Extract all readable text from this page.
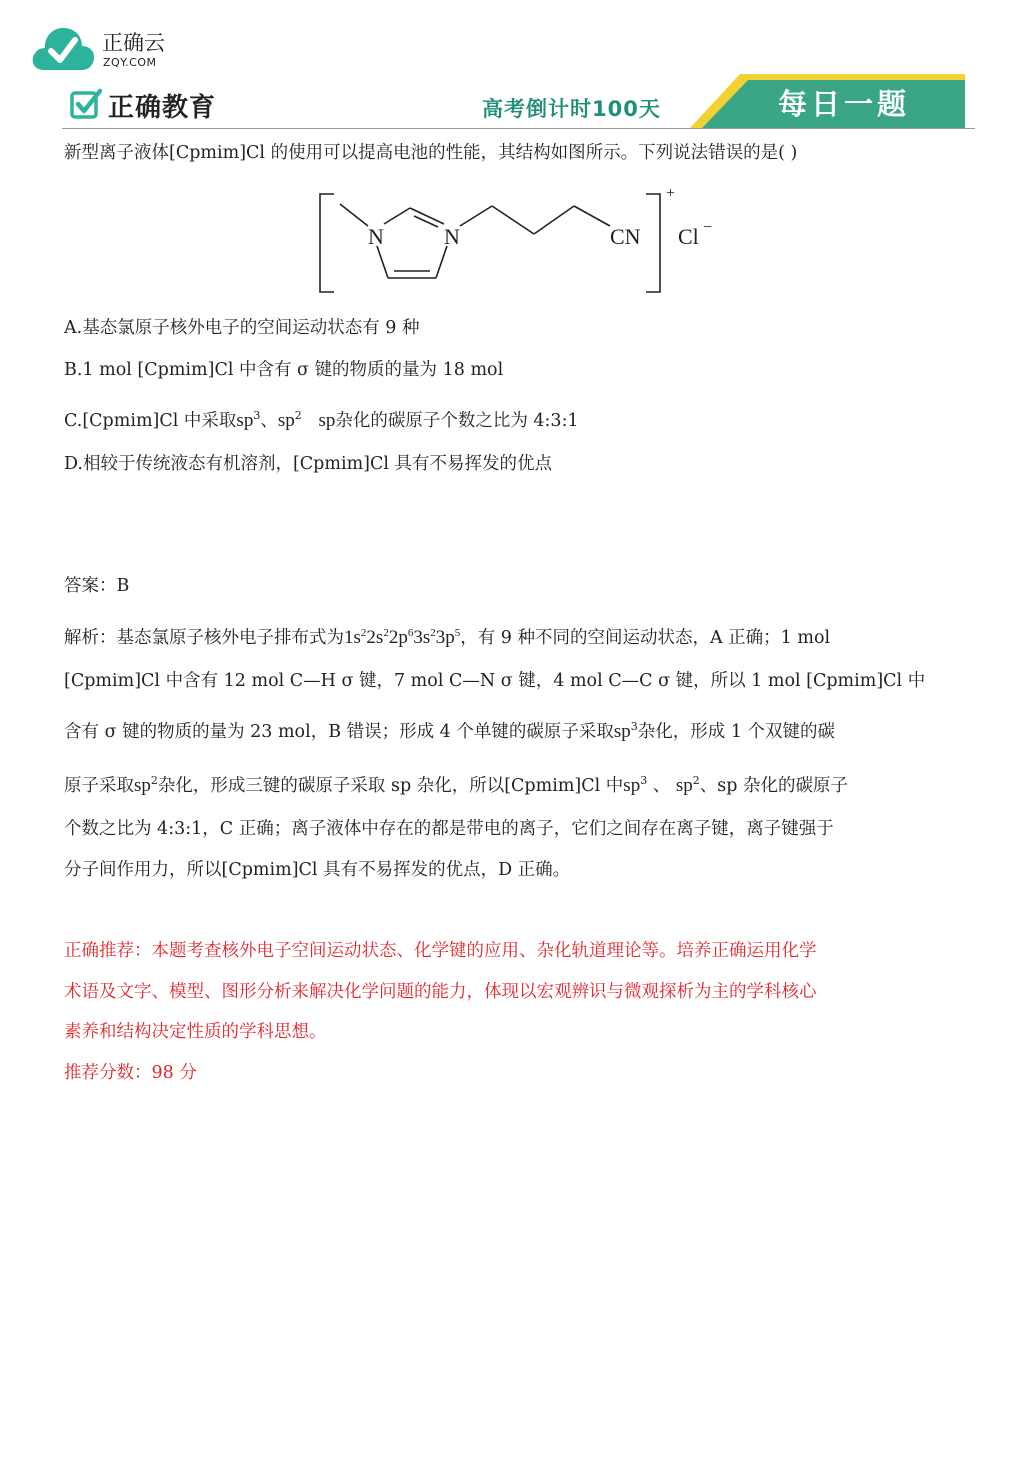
正确云
ZQY.COM
正确教育	高考倒计时100天	每日一题
新型离子液体[Cpmim]Cl 的使用可以提高电池的性能，其结构如图所示。下列说法错误的是( )
N	N	CN
+
Cl −
A.基态氯原子核外电子的空间运动状态有 9 种
B.1 mol [Cpmim]Cl 中含有 σ 键的物质的量为 18 mol
C.[Cpmim]Cl 中采取$sp^3$、$sp^2$ sp杂化的碳原子个数之比为 4:3:1
D.相较于传统液态有机溶剂，[Cpmim]Cl 具有不易挥发的优点
答案：B
解析：基态氯原子核外电子排布式为$1s^22s^22p^63s^23p^5$，有 9 种不同的空间运动状态，A 正确；1 mol
[Cpmim]Cl 中含有 12 mol C—H σ 键，7 mol C—N σ 键，4 mol C—C σ 键，所以 1 mol [Cpmim]Cl 中
含有 σ 键的物质的量为 23 mol，B 错误；形成 4 个单键的碳原子采取$sp^3$杂化，形成 1 个双键的碳
原子采取$sp^2$杂化，形成三键的碳原子采取 sp 杂化，所以[Cpmim]Cl 中$sp^3$ 、 $sp^2$、sp 杂化的碳原子
个数之比为 4:3:1，C 正确；离子液体中存在的都是带电的离子，它们之间存在离子键，离子键强于
分子间作用力，所以[Cpmim]Cl 具有不易挥发的优点，D 正确。
正确推荐：本题考查核外电子空间运动状态、化学键的应用、杂化轨道理论等。培养正确运用化学
术语及文字、模型、图形分析来解决化学问题的能力，体现以宏观辨识与微观探析为主的学科核心
素养和结构决定性质的学科思想。
推荐分数：98 分
